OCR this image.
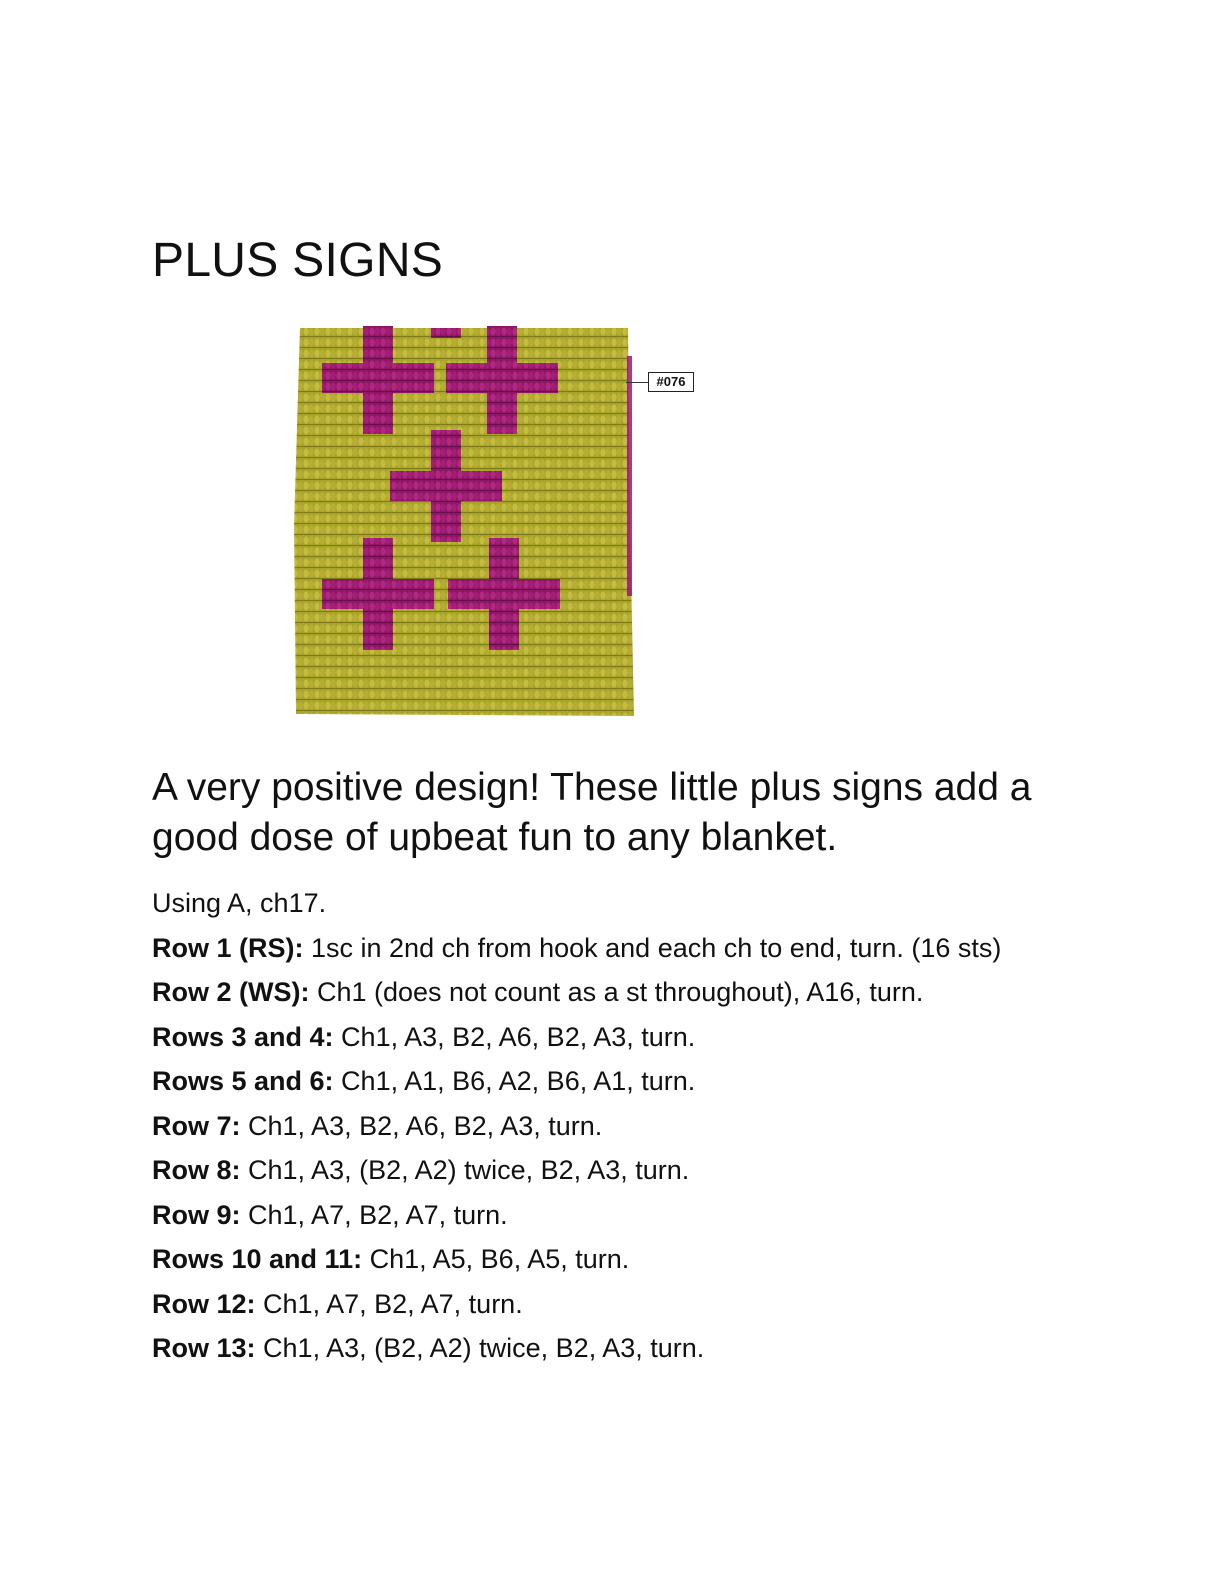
PLUS SIGNS
#076

A very positive design! These little plus signs add a good dose of upbeat fun to any blanket.

Using A, ch17.

Row 1 (RS): 1sc in 2nd ch from hook and each ch to end, turn. (16 sts)

Row 2 (WS): Ch1 (does not count as a st throughout), A16, turn.

Rows 3 and 4: Ch1, A3, B2, A6, B2, A3, turn.

Rows 5 and 6: Ch1, A1, B6, A2, B6, A1, turn.

Row 7: Ch1, A3, B2, A6, B2, A3, turn.

Row 8: Ch1, A3, (B2, A2) twice, B2, A3, turn.

Row 9: Ch1, A7, B2, A7, turn.

Rows 10 and 11: Ch1, A5, B6, A5, turn.

Row 12: Ch1, A7, B2, A7, turn.

Row 13: Ch1, A3, (B2, A2) twice, B2, A3, turn.
